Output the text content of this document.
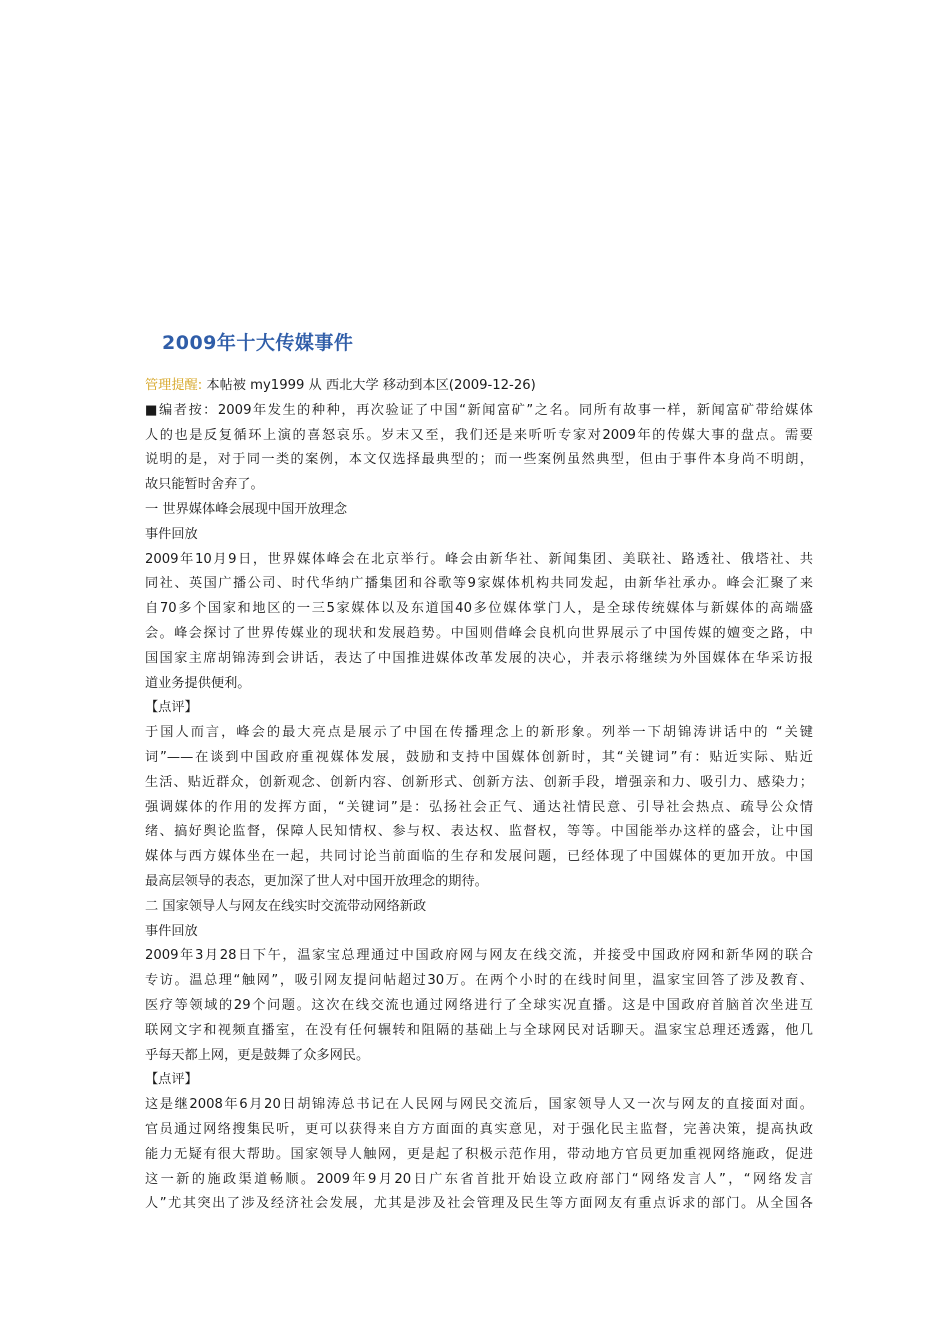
2009年十大传媒事件
管理提醒: 本帖被 my1999 从 西北大学 移动到本区(2009-12-26)
■编者按：2009年发生的种种，再次验证了中国“新闻富矿”之名。同所有故事一样，新闻富矿带给媒体
人的也是反复循环上演的喜怒哀乐。岁末又至，我们还是来听听专家对2009年的传媒大事的盘点。需要
说明的是，对于同一类的案例，本文仅选择最典型的；而一些案例虽然典型，但由于事件本身尚不明朗，
故只能暂时舍弃了。
一 世界媒体峰会展现中国开放理念
事件回放
2009年10月9日，世界媒体峰会在北京举行。峰会由新华社、新闻集团、美联社、路透社、俄塔社、共
同社、英国广播公司、时代华纳广播集团和谷歌等9家媒体机构共同发起，由新华社承办。峰会汇聚了来
自70多个国家和地区的一三5家媒体以及东道国40多位媒体掌门人，是全球传统媒体与新媒体的高端盛
会。峰会探讨了世界传媒业的现状和发展趋势。中国则借峰会良机向世界展示了中国传媒的嬗变之路，中
国国家主席胡锦涛到会讲话，表达了中国推进媒体改革发展的决心，并表示将继续为外国媒体在华采访报
道业务提供便利。
【点评】
于国人而言，峰会的最大亮点是展示了中国在传播理念上的新形象。列举一下胡锦涛讲话中的 “关键
词”——在谈到中国政府重视媒体发展，鼓励和支持中国媒体创新时，其“关键词”有：贴近实际、贴近
生活、贴近群众，创新观念、创新内容、创新形式、创新方法、创新手段，增强亲和力、吸引力、感染力；
强调媒体的作用的发挥方面，“关键词”是：弘扬社会正气、通达社情民意、引导社会热点、疏导公众情
绪、搞好舆论监督，保障人民知情权、参与权、表达权、监督权，等等。中国能举办这样的盛会，让中国
媒体与西方媒体坐在一起，共同讨论当前面临的生存和发展问题，已经体现了中国媒体的更加开放。中国
最高层领导的表态，更加深了世人对中国开放理念的期待。
二 国家领导人与网友在线实时交流带动网络新政
事件回放
2009年3月28日下午，温家宝总理通过中国政府网与网友在线交流，并接受中国政府网和新华网的联合
专访。温总理“触网”，吸引网友提问帖超过30万。在两个小时的在线时间里，温家宝回答了涉及教育、
医疗等领域的29个问题。这次在线交流也通过网络进行了全球实况直播。这是中国政府首脑首次坐进互
联网文字和视频直播室，在没有任何辗转和阻隔的基础上与全球网民对话聊天。温家宝总理还透露，他几
乎每天都上网，更是鼓舞了众多网民。
【点评】
这是继2008年6月20日胡锦涛总书记在人民网与网民交流后，国家领导人又一次与网友的直接面对面。
官员通过网络搜集民听，更可以获得来自方方面面的真实意见，对于强化民主监督，完善决策，提高执政
能力无疑有很大帮助。国家领导人触网，更是起了积极示范作用，带动地方官员更加重视网络施政，促进
这一新的施政渠道畅顺。2009年9月20日广东省首批开始设立政府部门“网络发言人”，“网络发言
人”尤其突出了涉及经济社会发展，尤其是涉及社会管理及民生等方面网友有重点诉求的部门。从全国各
